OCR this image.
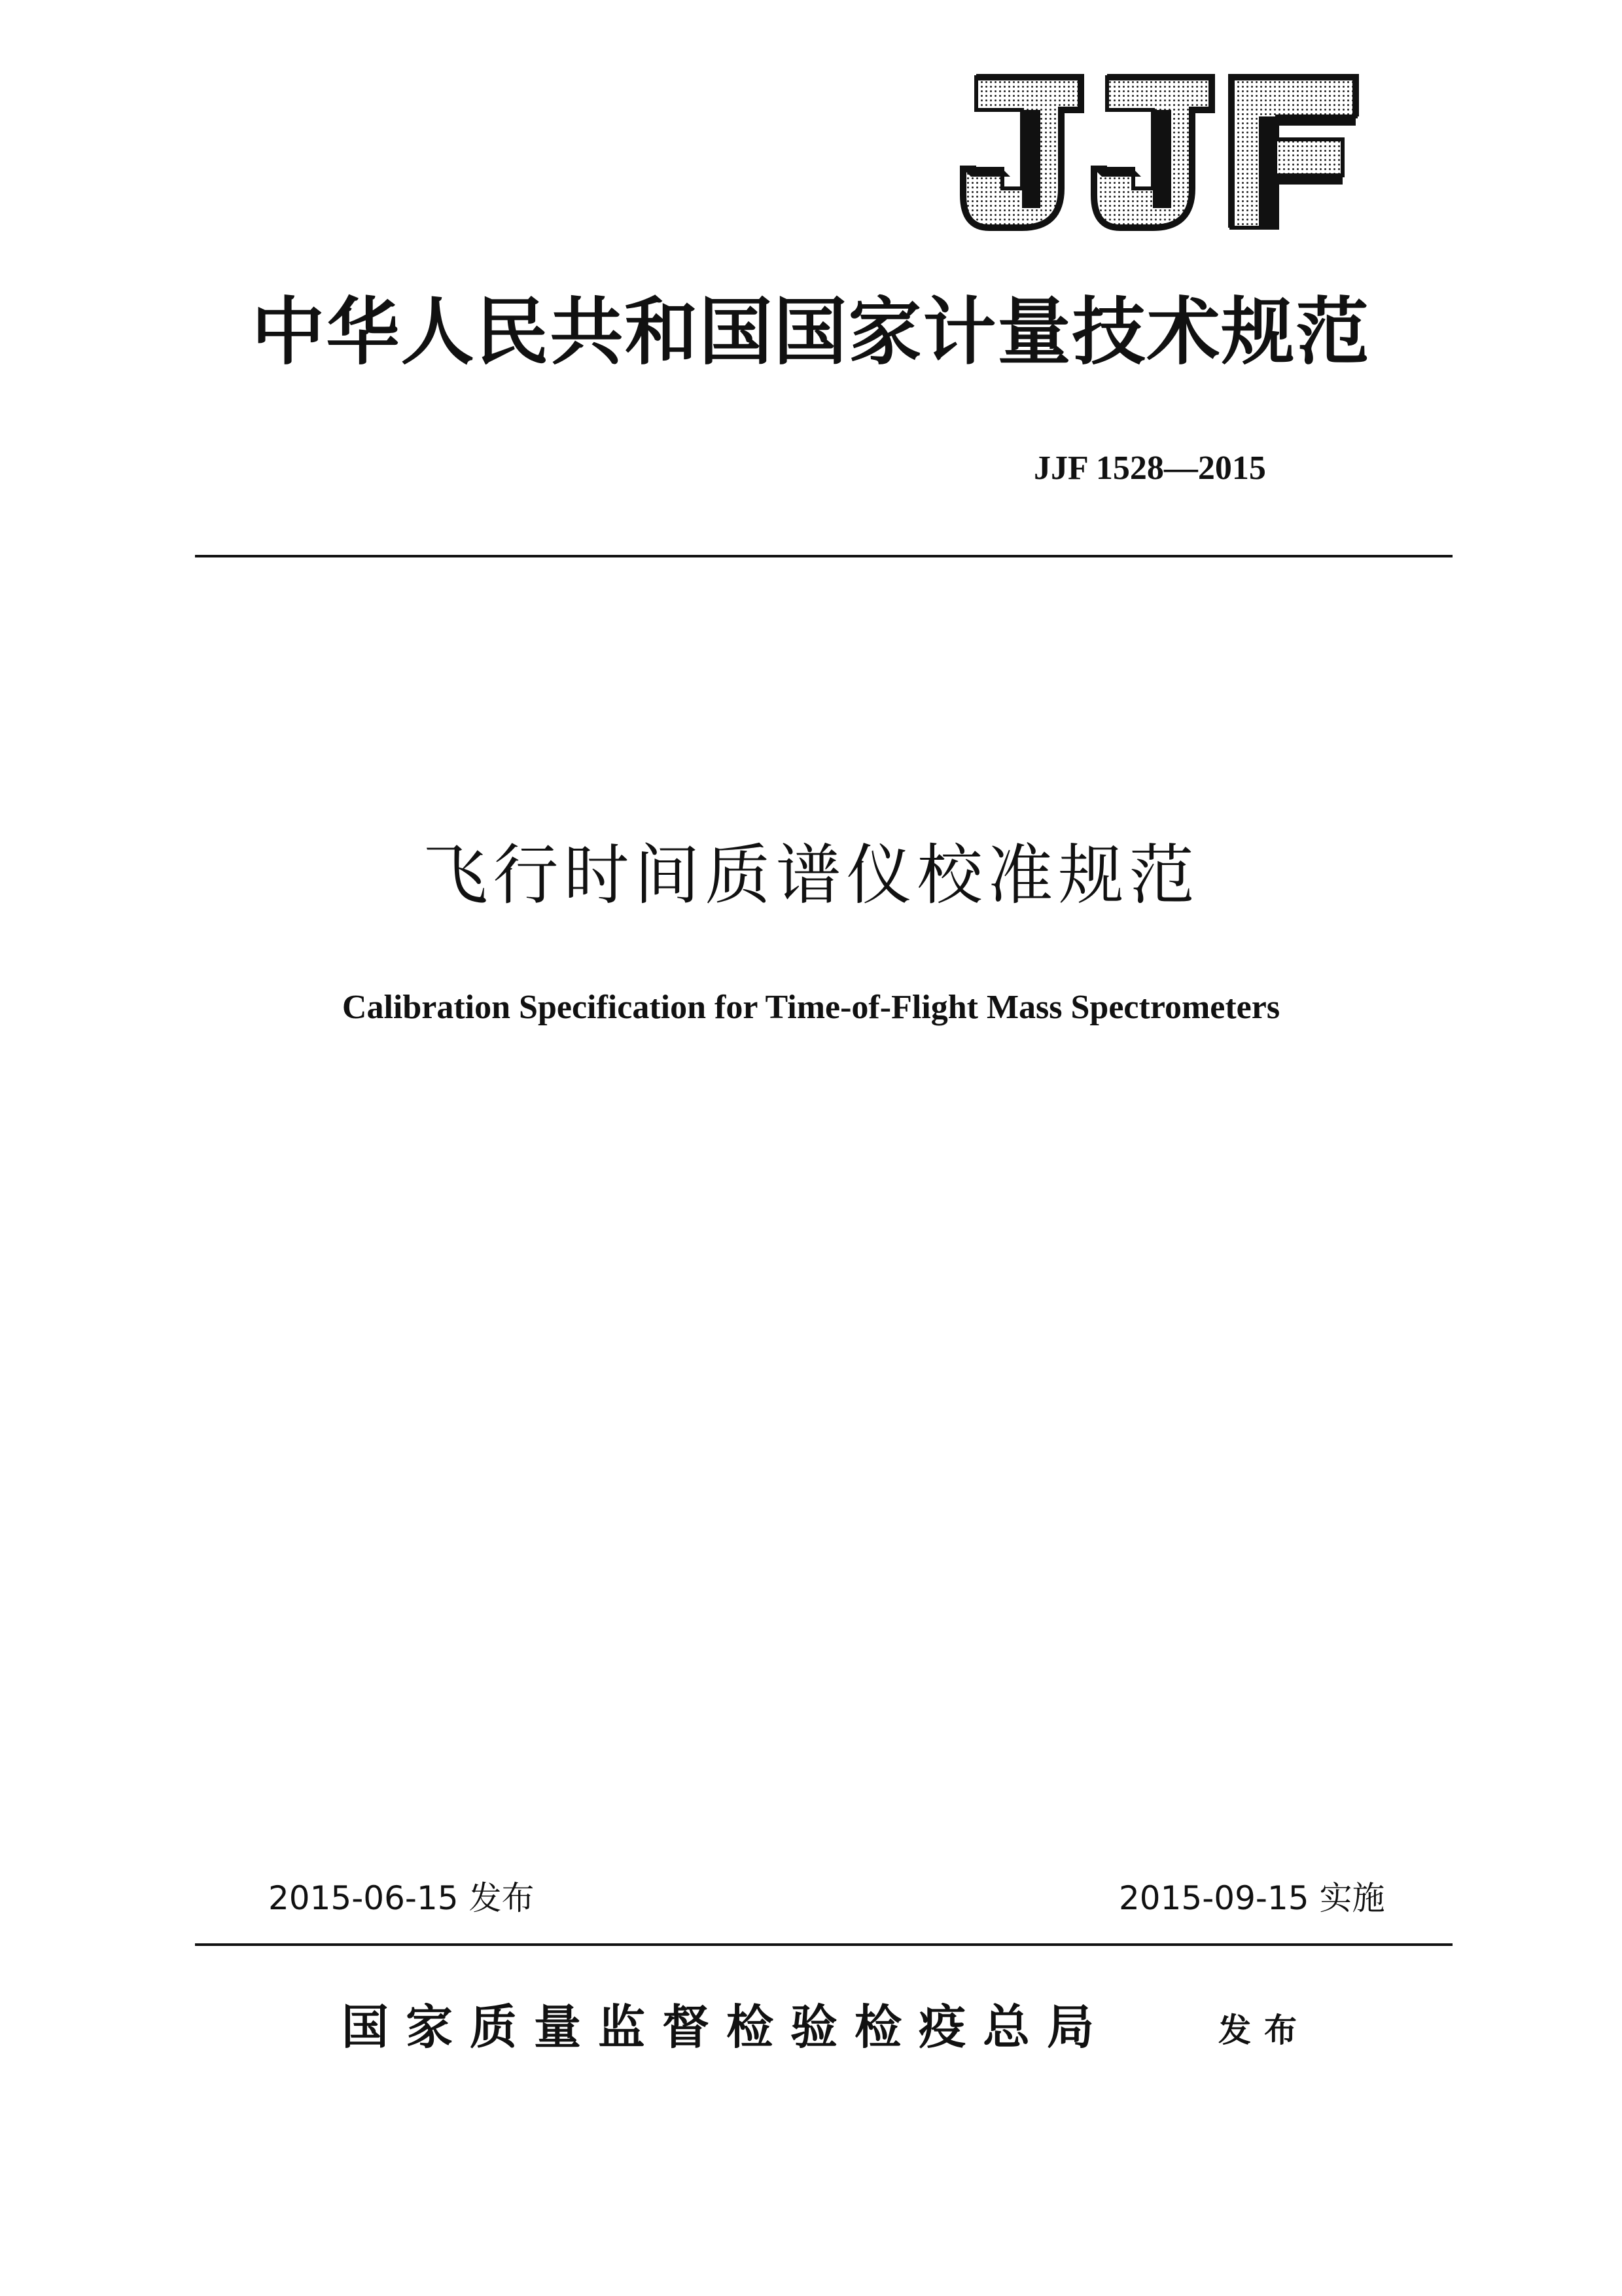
JJF
中华人民共和国国家计量技术规范
JJF 1528—2015
飞行时间质谱仪校准规范
Calibration Specification for Time-of-Flight Mass Spectrometers
2015-06-15 发布	2015-09-15 实施
国家质量监督检验检疫总局	发布
